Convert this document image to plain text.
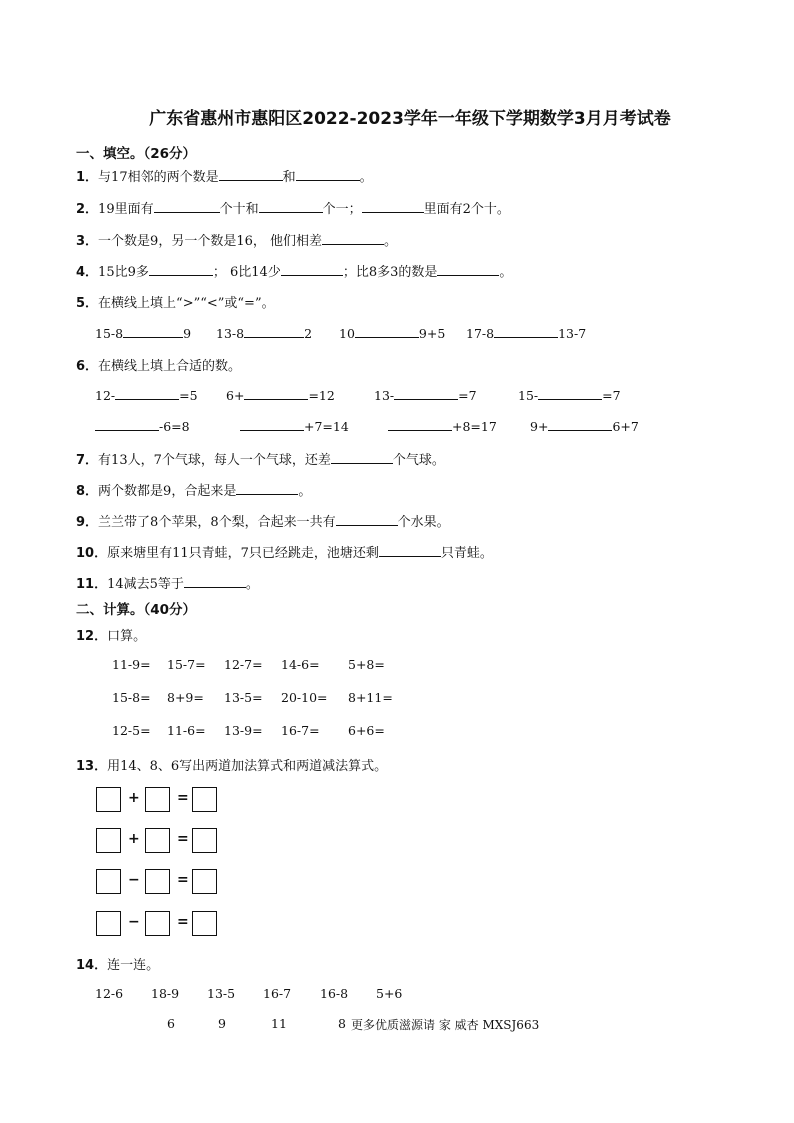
广东省惠州市惠阳区2022-2023学年一年级下学期数学3月月考试卷
一、填空。（26分）
1．与17相邻的两个数是	和	。
2．19里面有	个十和	个一；	里面有2个十。
3．一个数是9，另一个数是16， 他们相差	。
4．15比9多	； 6比14少	；比8多3的数是	。
5．在横线上填上“>”“<”或“=”。
15-8	9 13-8	2 10	9+5 17-8	13-7
6．在横线上填上合适的数。
12-	=5 6+	=12	13-	=7	15-	=7
-6=8	+7=14	+8=17	9+	6+7
7．有13人，7个气球，每人一个气球，还差	个气球。
8．两个数都是9，合起来是	。
9．兰兰带了8个苹果，8个梨，合起来一共有	个水果。
10．原来塘里有11只青蛙，7只已经跳走，池塘还剩	只青蛙。
11．14减去5等于	。
二、计算。（40分）
12．口算。
11-9= 15-7= 12-7= 14-6= 5+8=
15-8= 8+9= 13-5= 20-10= 8+11=
12-5= 11-6= 13-9= 16-7= 6+6=
13．用14、8、6写出两道加法算式和两道减法算式。
+	=
+	=
−	=
−	=
14．连一连。
12-6 18-9 13-5 16-7 16-8 5+6
6	9	11	8 更多优质滋源请 家 威杏 MXSJ663
